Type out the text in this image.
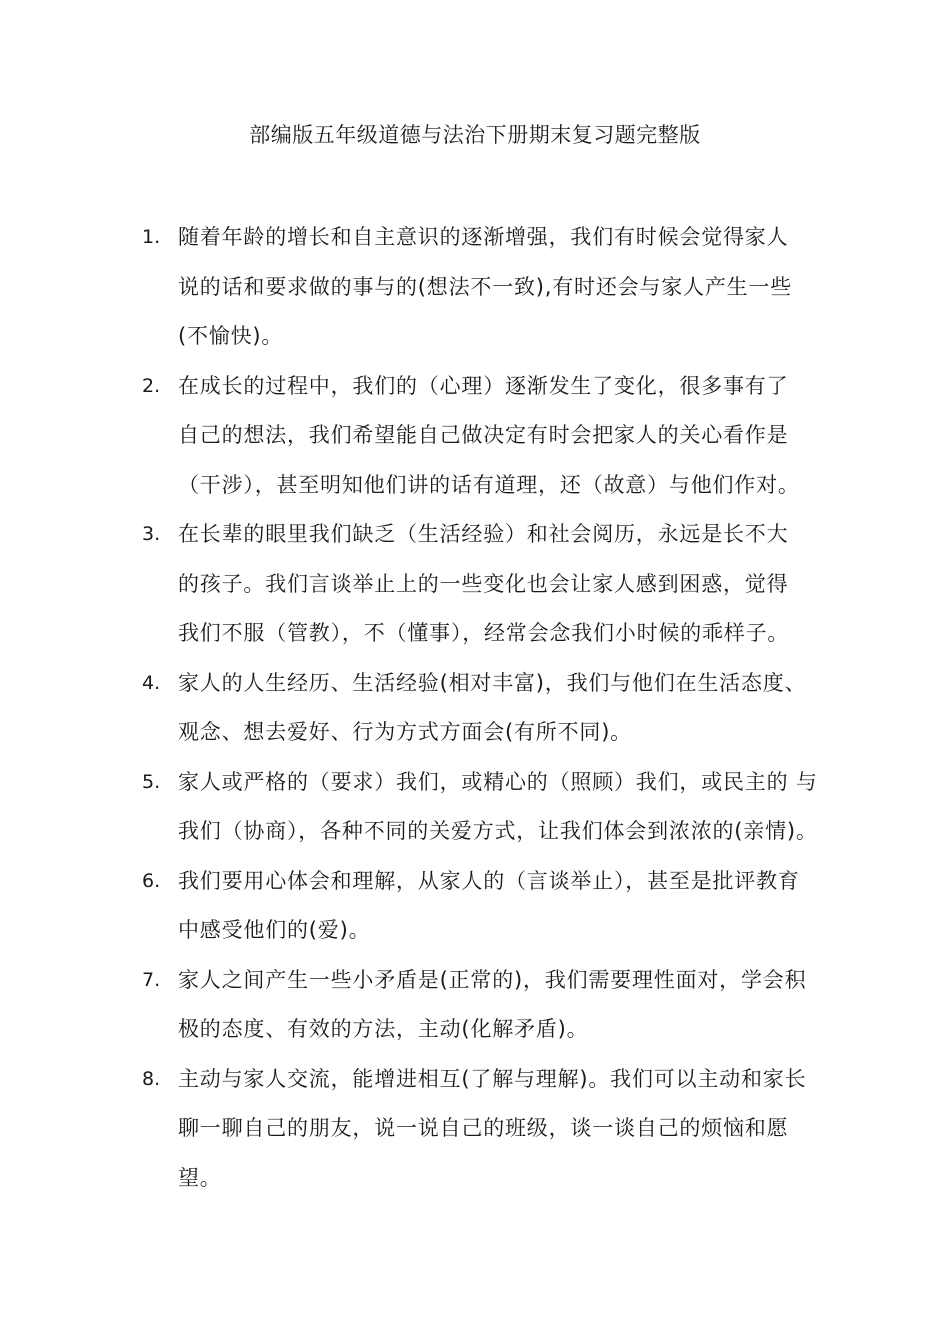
部编版五年级道德与法治下册期末复习题完整版
1. 随着年龄的增长和自主意识的逐渐增强，我们有时候会觉得家人
说的话和要求做的事与的(想法不一致),有时还会与家人产生一些
(不愉快)。
2. 在成长的过程中，我们的（心理）逐渐发生了变化，很多事有了
自己的想法，我们希望能自己做决定有时会把家人的关心看作是
（干涉），甚至明知他们讲的话有道理，还（故意）与他们作对。
3. 在长辈的眼里我们缺乏（生活经验）和社会阅历，永远是长不大
的孩子。我们言谈举止上的一些变化也会让家人感到困惑，觉得
我们不服（管教），不（懂事），经常会念我们小时候的乖样子。
4. 家人的人生经历、生活经验(相对丰富)，我们与他们在生活态度、
观念、想去爱好、行为方式方面会(有所不同)。
5. 家人或严格的（要求）我们，或精心的（照顾）我们，或民主的 与
我们（协商），各种不同的关爱方式，让我们体会到浓浓的(亲情)。
6. 我们要用心体会和理解，从家人的（言谈举止），甚至是批评教育
中感受他们的(爱)。
7. 家人之间产生一些小矛盾是(正常的)，我们需要理性面对，学会积
极的态度、有效的方法，主动(化解矛盾)。
8. 主动与家人交流，能增进相互(了解与理解)。我们可以主动和家长
聊一聊自己的朋友，说一说自己的班级，谈一谈自己的烦恼和愿
望。
